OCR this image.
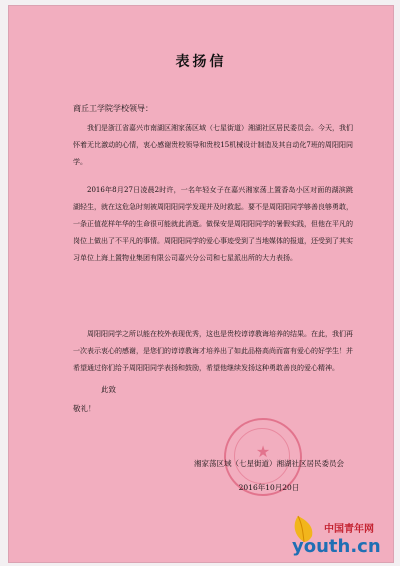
表扬信
商丘工学院学校领导：
我们是浙江省嘉兴市南湖区湘家荡区域（七星街道）湘湖社区居民委员会。今天，我们怀着无比激动的心情，衷心感谢贵校领导和贵校15机械设计制造及其自动化7班的周阳阳同学。
2016年8月27日凌晨2时许，一名年轻女子在嘉兴湘家荡上置香岛小区对面的湖滨跳湖轻生，就在这危急时刻被周阳阳同学发现并及时救起。要不是周阳阳同学够善良够勇敢，一条正值花样年华的生命很可能就此消逝。做保安是周阳阳同学的暑假实践，但他在平凡的岗位上做出了不平凡的事情。周阳阳同学的爱心事迹受到了当地媒体的报道，还受到了其实习单位上海上置物业集团有限公司嘉兴分公司和七星派出所的大力表扬。
周阳阳同学之所以能在校外表现优秀，这也是贵校谆谆教诲培养的结果。在此，我们再一次表示衷心的感谢，是您们的谆谆教诲才培养出了如此品格高尚而富有爱心的好学生！并希望通过你们给予周阳阳同学表扬和鼓励，希望他继续发扬这种勇敢善良的爱心精神。
此致
敬礼！
★
湘家荡区域（七星街道）湘湖社区居民委员会
2016年10月20日
中国青年网
youth.cn
